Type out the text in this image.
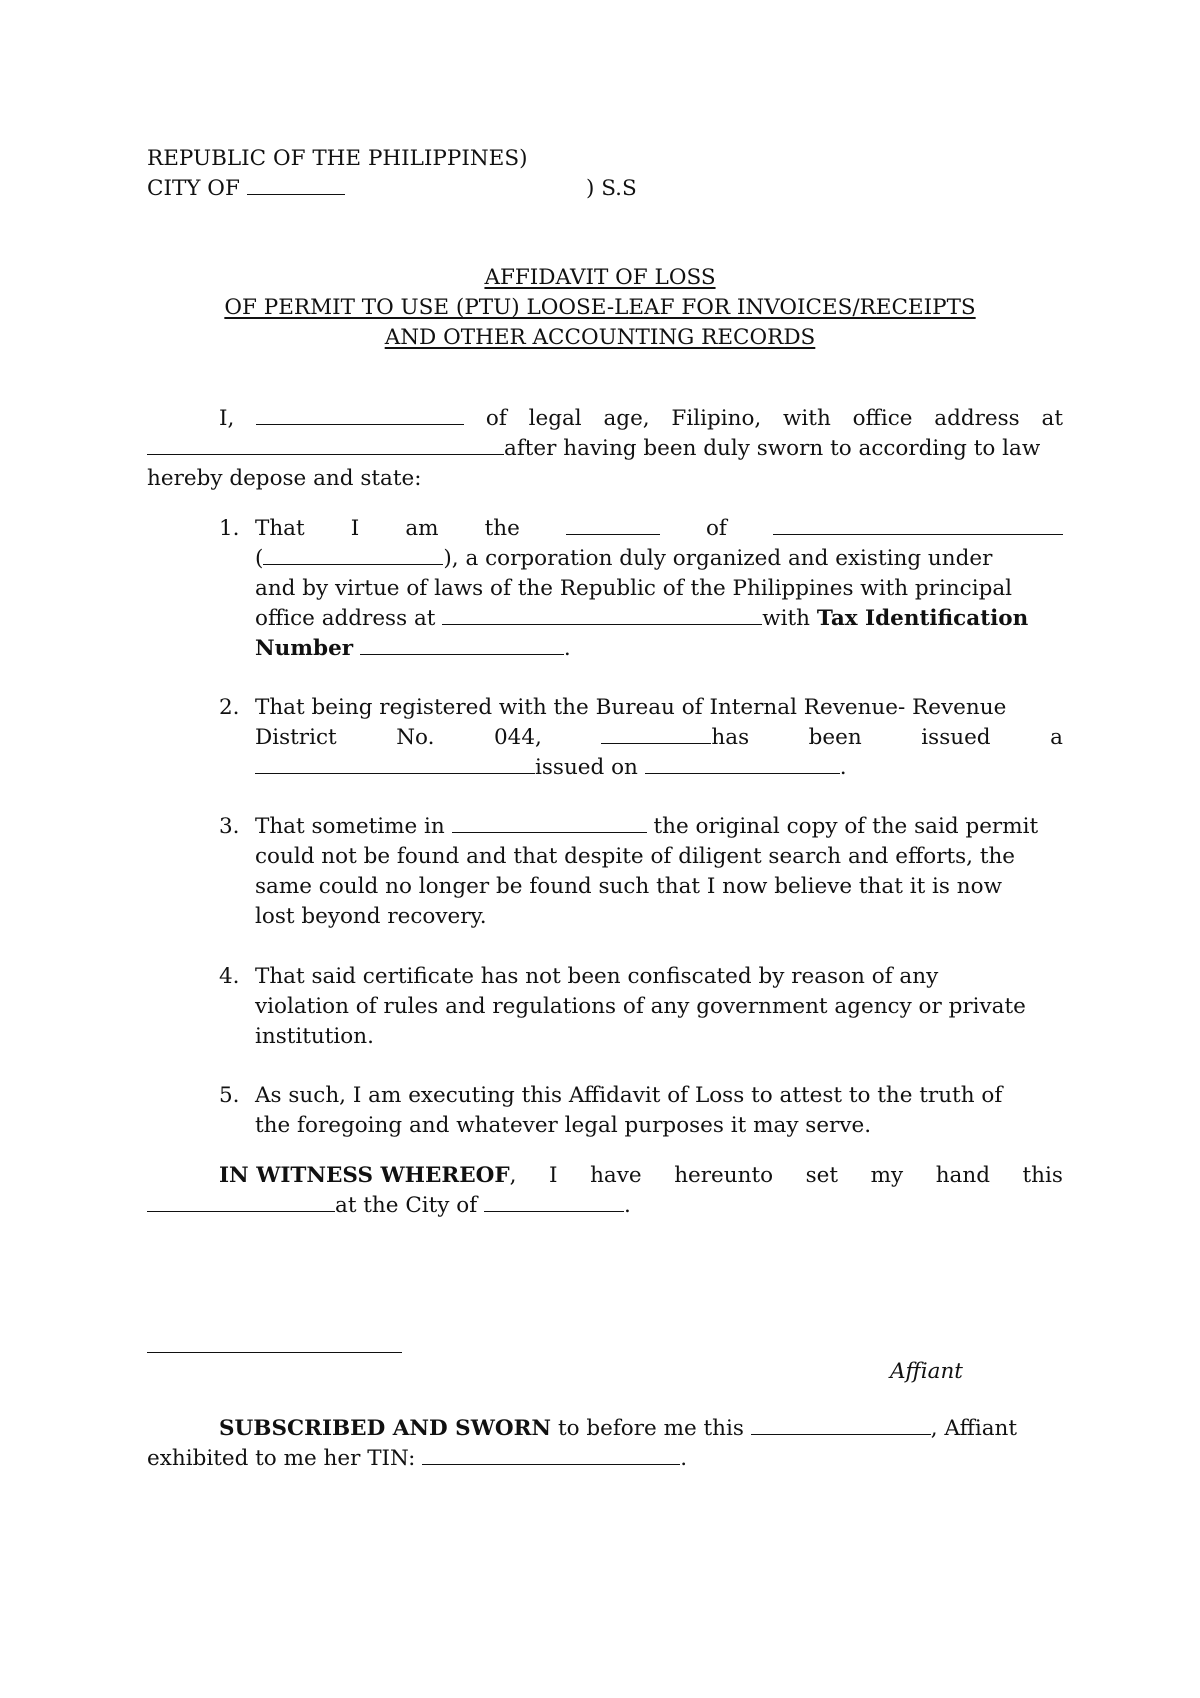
REPUBLIC OF THE PHILIPPINES)
CITY OF	) S.S
AFFIDAVIT OF LOSS
OF PERMIT TO USE (PTU) LOOSE-LEAF FOR INVOICES/RECEIPTS
AND OTHER ACCOUNTING RECORDS
I,	of legal age, Filipino, with office address at
after having been duly sworn to according to law
hereby depose and state:
1. That I am the	of
(	), a corporation duly organized and existing under
and by virtue of laws of the Republic of the Philippines with principal
office address at	with Tax Identification
Number	.
2. That being registered with the Bureau of Internal Revenue- Revenue
District	No.	044,	has	been	issued	a
issued on	.
3. That sometime in	the original copy of the said permit
could not be found and that despite of diligent search and efforts, the
same could no longer be found such that I now believe that it is now
lost beyond recovery.
4. That said certificate has not been confiscated by reason of any
violation of rules and regulations of any government agency or private
institution.
5. As such, I am executing this Affidavit of Loss to attest to the truth of
the foregoing and whatever legal purposes it may serve.
IN WITNESS WHEREOF, I have hereunto set my hand this
at the City of	.
Affiant
SUBSCRIBED AND SWORN to before me this	, Affiant
exhibited to me her TIN:	.
